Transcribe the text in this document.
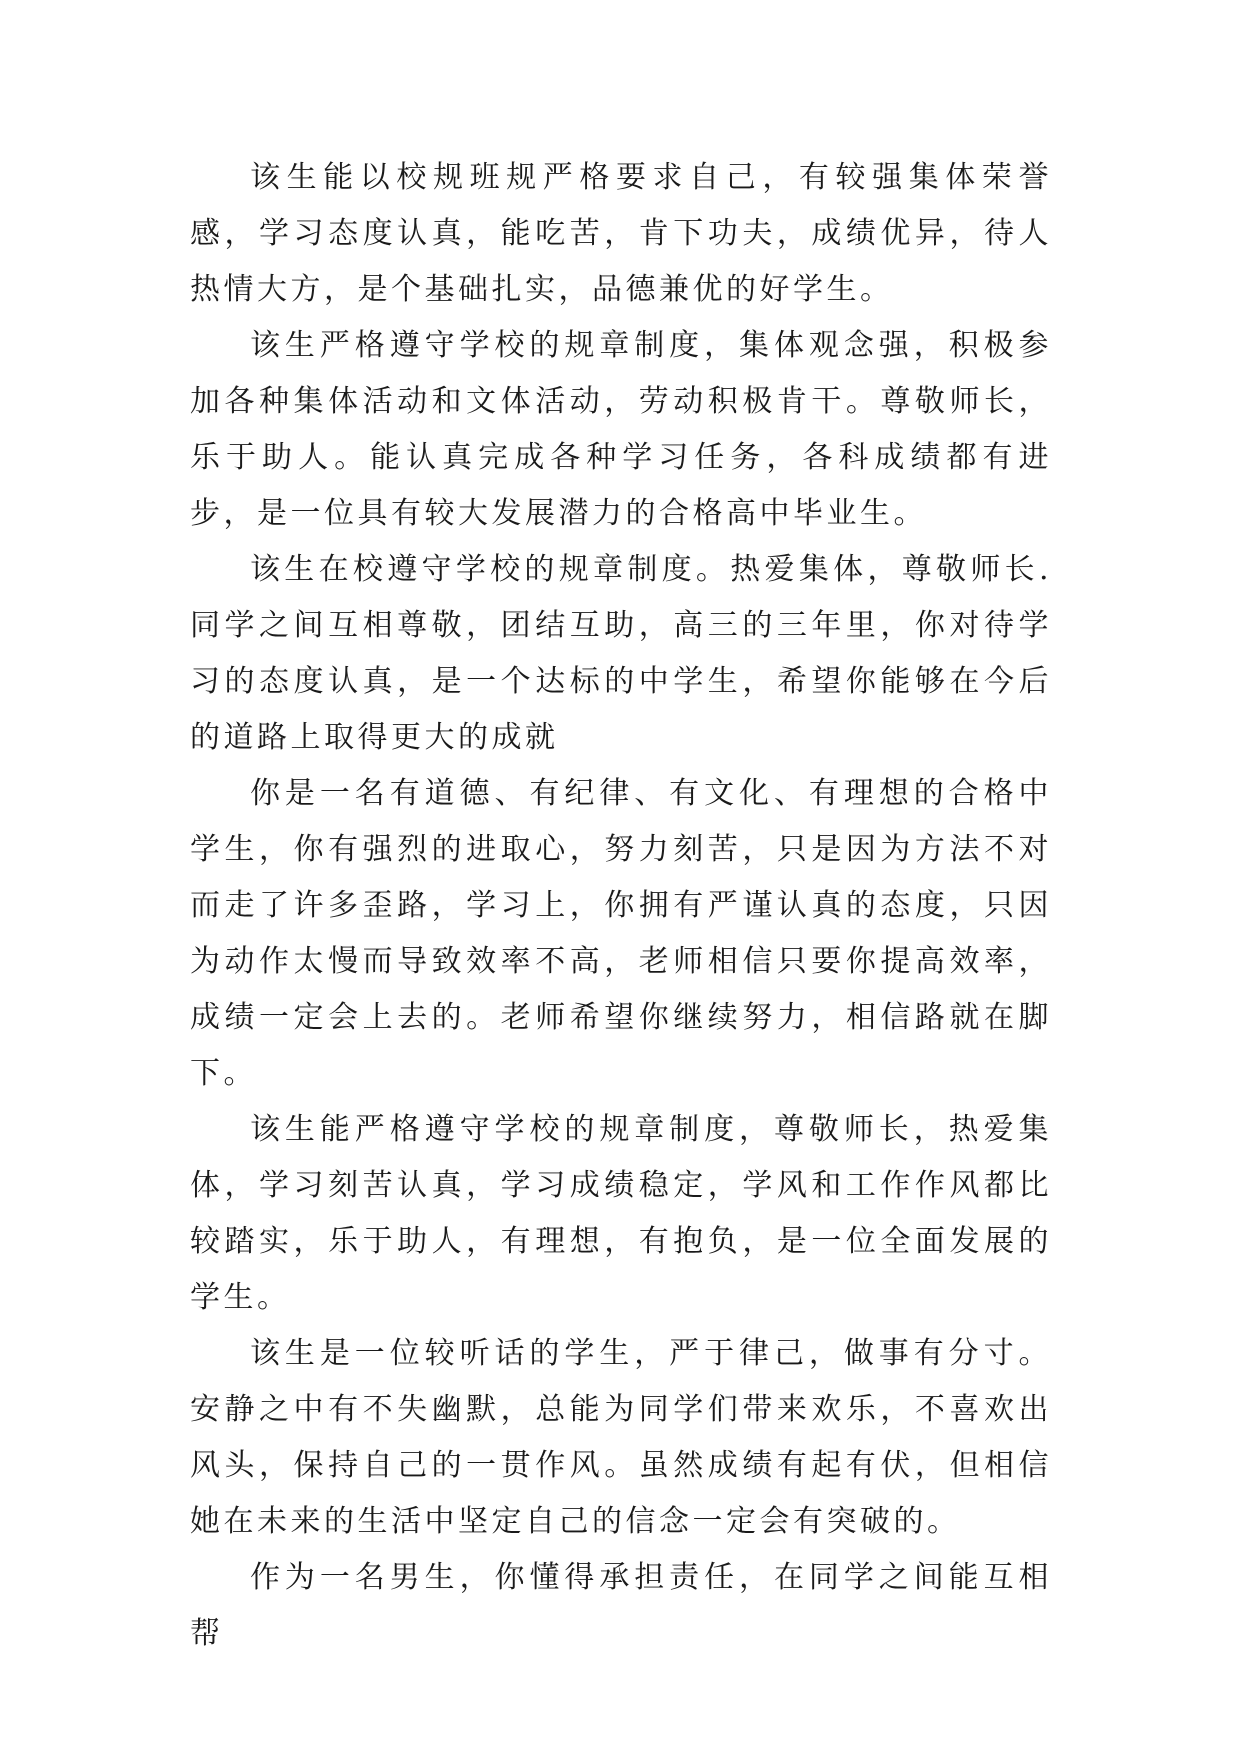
该生能以校规班规严格要求自己，有较强集体荣誉感，学习态度认真，能吃苦，肯下功夫，成绩优异，待人热情大方，是个基础扎实，品德兼优的好学生。

该生严格遵守学校的规章制度，集体观念强，积极参加各种集体活动和文体活动，劳动积极肯干。尊敬师长，乐于助人。能认真完成各种学习任务，各科成绩都有进步，是一位具有较大发展潜力的合格高中毕业生。

该生在校遵守学校的规章制度。热爱集体，尊敬师长.同学之间互相尊敬，团结互助，高三的三年里，你对待学习的态度认真，是一个达标的中学生，希望你能够在今后的道路上取得更大的成就

你是一名有道德、有纪律、有文化、有理想的合格中学生，你有强烈的进取心，努力刻苦，只是因为方法不对而走了许多歪路，学习上，你拥有严谨认真的态度，只因为动作太慢而导致效率不高，老师相信只要你提高效率，成绩一定会上去的。老师希望你继续努力，相信路就在脚下。

该生能严格遵守学校的规章制度，尊敬师长，热爱集体，学习刻苦认真，学习成绩稳定，学风和工作作风都比较踏实，乐于助人，有理想，有抱负，是一位全面发展的学生。

该生是一位较听话的学生，严于律己，做事有分寸。安静之中有不失幽默，总能为同学们带来欢乐，不喜欢出风头，保持自己的一贯作风。虽然成绩有起有伏，但相信她在未来的生活中坚定自己的信念一定会有突破的。

作为一名男生，你懂得承担责任，在同学之间能互相帮
